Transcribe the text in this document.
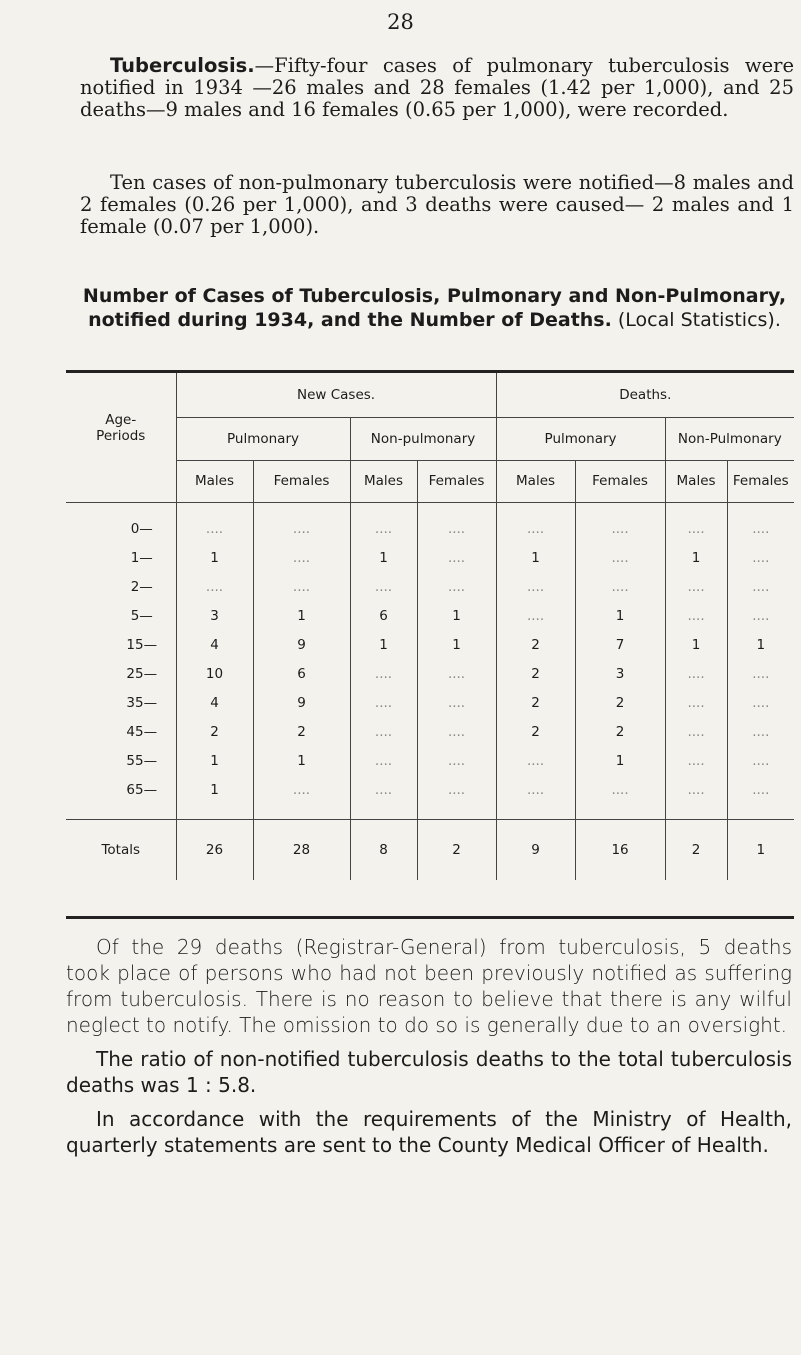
28

Tuberculosis.—Fifty-four cases of pulmonary tuberculosis were notified in 1934 —26 males and 28 females (1.42 per 1,000), and 25 deaths—9 males and 16 females (0.65 per 1,000), were recorded.

Ten cases of non-pulmonary tuberculosis were notified—8 males and 2 females (0.26 per 1,000), and 3 deaths were caused— 2 males and 1 female (0.07 per 1,000).

Number of Cases of Tuberculosis, Pulmonary and Non-Pulmonary, notified during 1934, and the Number of Deaths. (Local Statistics).
Age-
Periods	New Cases.				Deaths.			
	Pulmonary		Non-pulmonary		Pulmonary		Non-Pulmonary	
	Males	Females	Males	Females	Males	Females	Males	Females
0—	....	....	....	....	....	....	....	....
1—	1	....	1	....	1	....	1	....
2—	....	....	....	....	....	....	....	....
5—	3	1	6	1	....	1	....	....
15—	4	9	1	1	2	7	1	1
25—	10	6	....	....	2	3	....	....
35—	4	9	....	....	2	2	....	....
45—	2	2	....	....	2	2	....	....
55—	1	1	....	....	....	1	....	....
65—	1	....	....	....	....	....	....	....
Totals	26	28	8	2	9	16	2	1

Of the 29 deaths (Registrar-General) from tuberculosis, 5 deaths took place of persons who had not been previously notified as suffering from tuberculosis. There is no reason to believe that there is any wilful neglect to notify. The omission to do so is generally due to an oversight.

The ratio of non-notified tuberculosis deaths to the total tuberculosis deaths was 1 : 5.8.

In accordance with the requirements of the Ministry of Health, quarterly statements are sent to the County Medical Officer of Health.
